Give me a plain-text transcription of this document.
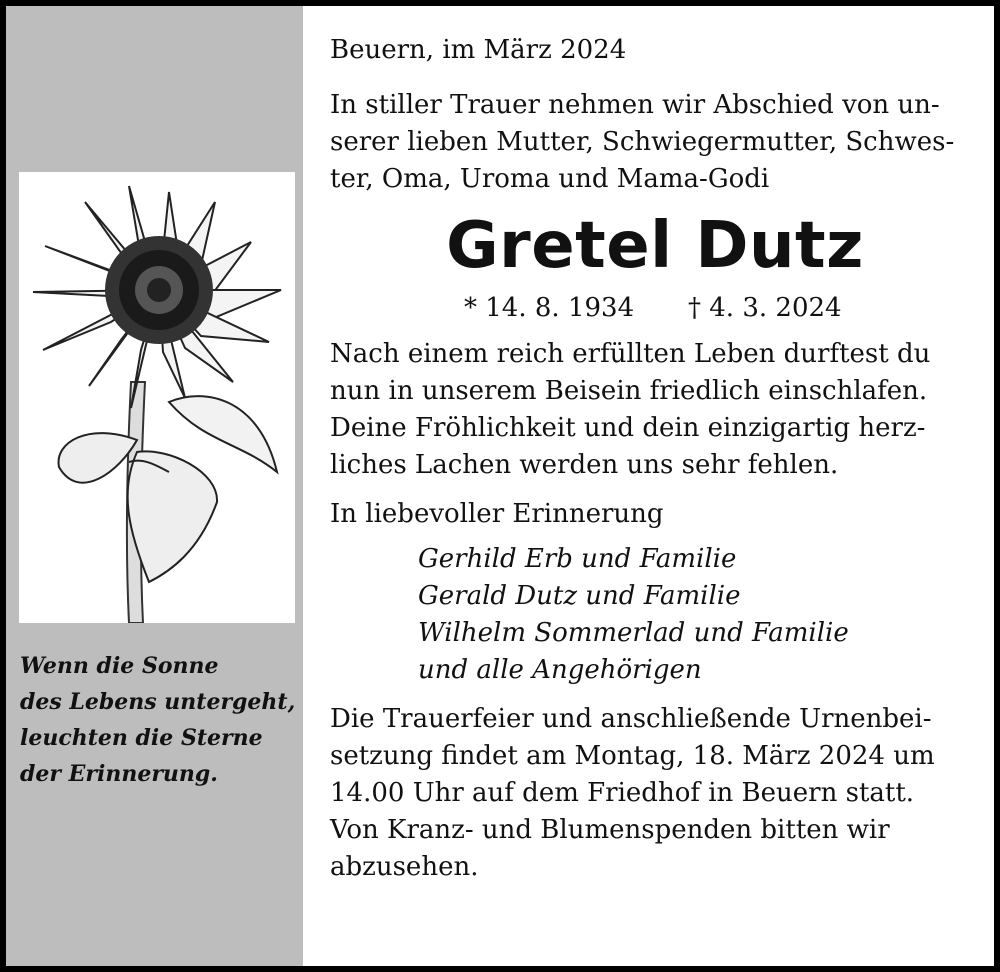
Wenn die Sonne
des Lebens untergeht,
leuchten die Sterne
der Erinnerung.
Beuern, im März 2024
In stiller Trauer nehmen wir Abschied von un-
serer lieben Mutter, Schwiegermutter, Schwes-
ter, Oma, Uroma und Mama-Godi
Gretel Dutz
* 14. 8. 1934 † 4. 3. 2024
Nach einem reich erfüllten Leben durftest du
nun in unserem Beisein friedlich einschlafen.
Deine Fröhlichkeit und dein einzigartig herz-
liches Lachen werden uns sehr fehlen.
In liebevoller Erinnerung
Gerhild Erb und Familie
Gerald Dutz und Familie
Wilhelm Sommerlad und Familie
und alle Angehörigen
Die Trauerfeier und anschließende Urnenbei-
setzung findet am Montag, 18. März 2024 um
14.00 Uhr auf dem Friedhof in Beuern statt.
Von Kranz- und Blumenspenden bitten wir
abzusehen.
